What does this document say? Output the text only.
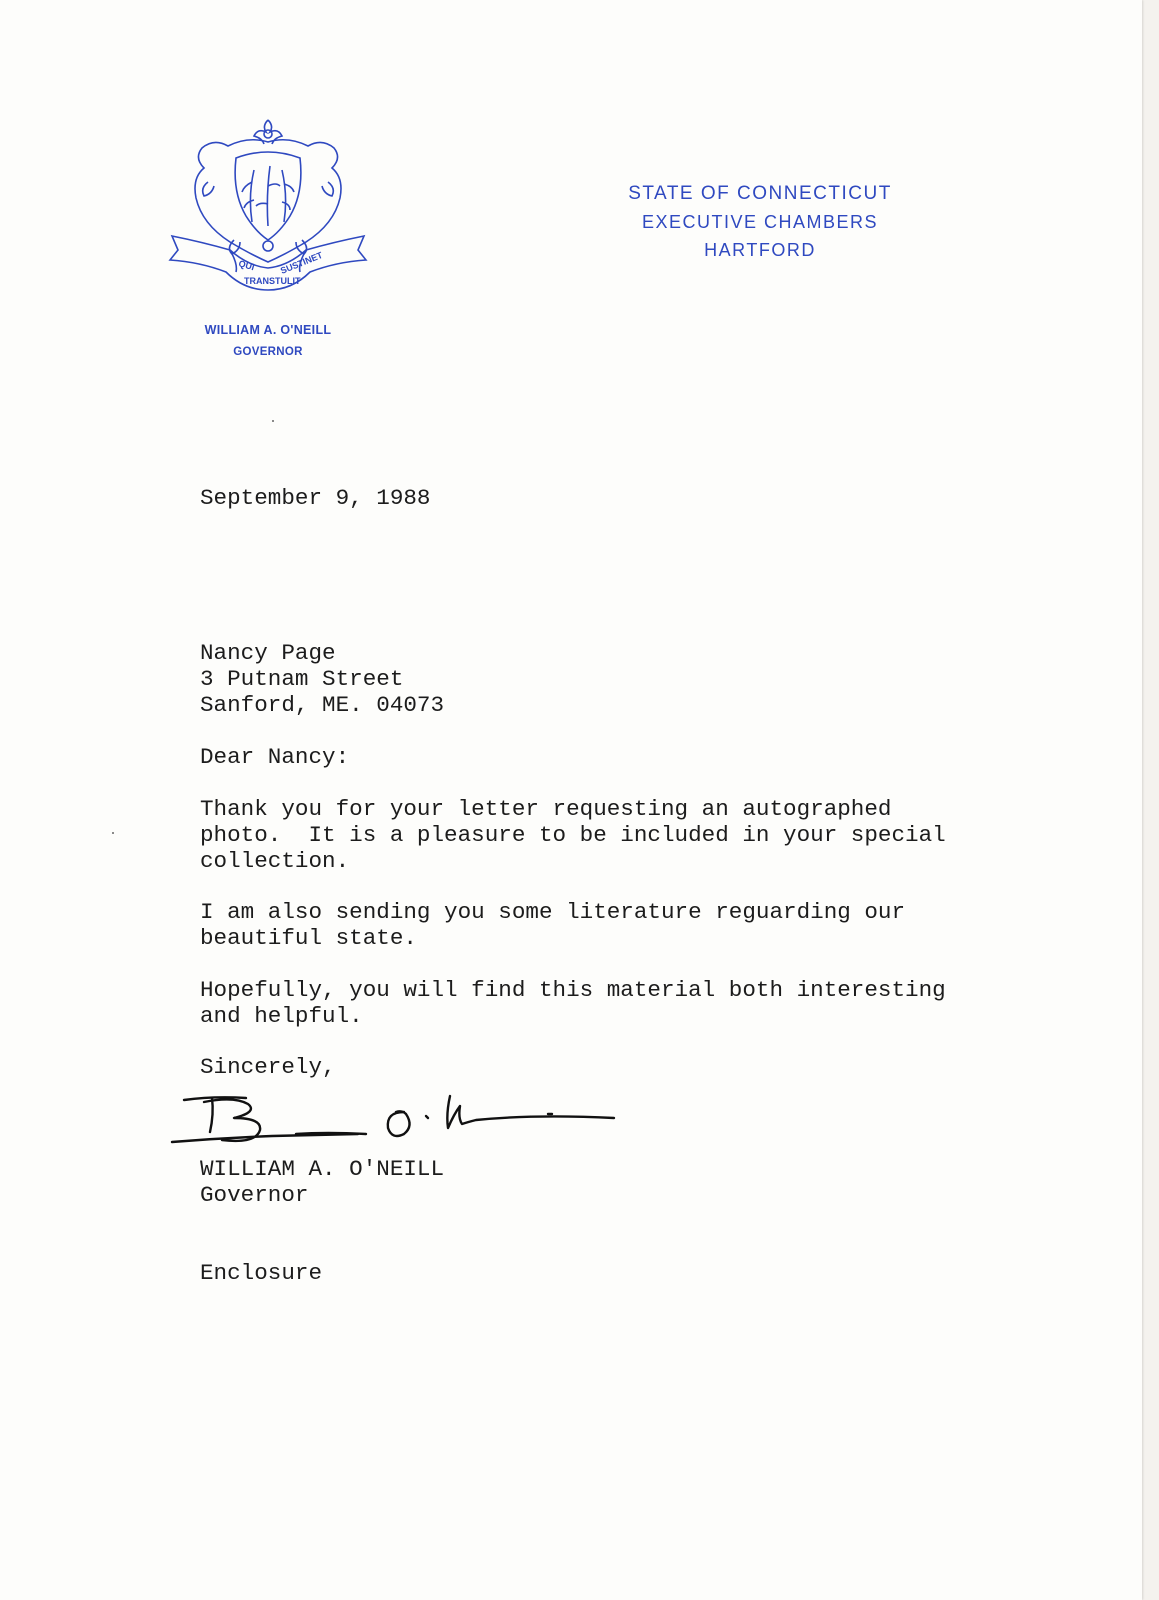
QUI
TRANSTULIT
SUSTINET
WILLIAM A. O'NEILL
GOVERNOR
STATE OF CONNECTICUT
EXECUTIVE CHAMBERS
HARTFORD
September 9, 1988
Nancy Page
3 Putnam Street
Sanford, ME. 04073
Dear Nancy:
Thank you for your letter requesting an autographed
photo.  It is a pleasure to be included in your special
collection.
I am also sending you some literature reguarding our
beautiful state.
Hopefully, you will find this material both interesting
and helpful.
Sincerely,
WILLIAM A. O'NEILL
Governor
Enclosure
